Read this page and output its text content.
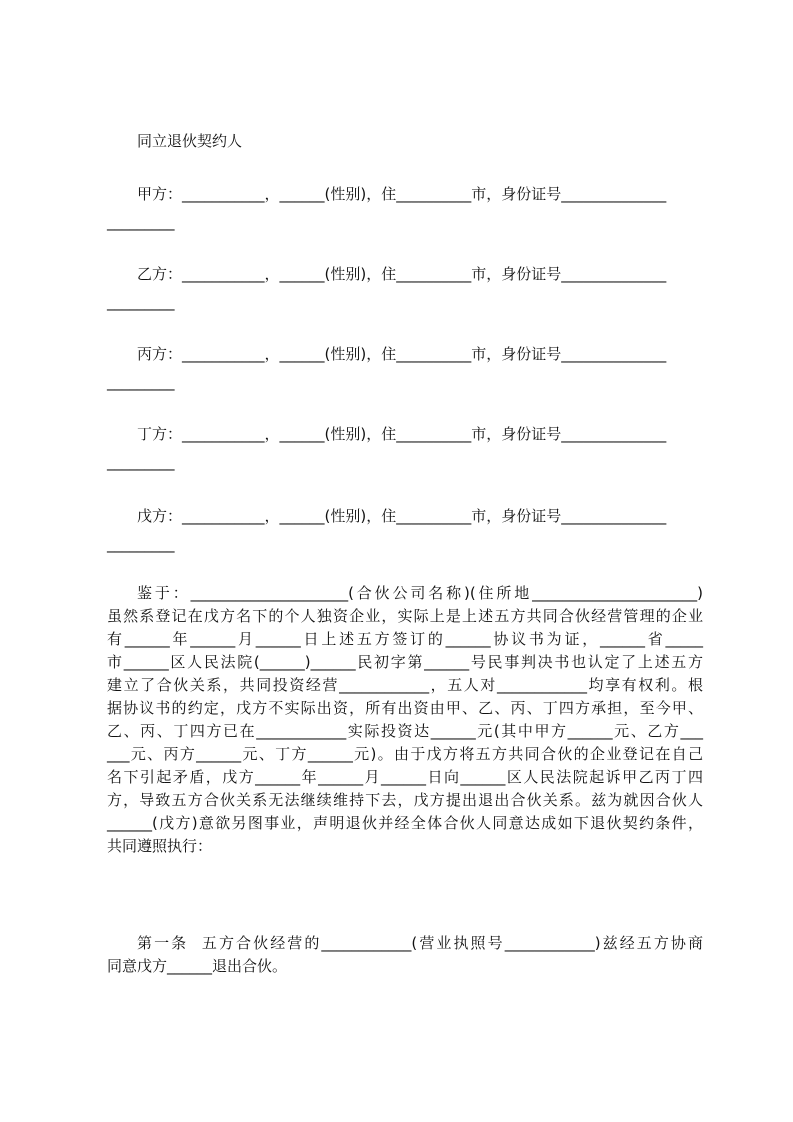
同立退伙契约人
甲方：___________，______(性别)，住__________市，身份证号______________
_________
乙方：___________，______(性别)，住__________市，身份证号______________
_________
丙方：___________，______(性别)，住__________市，身份证号______________
_________
丁方：___________，______(性别)，住__________市，身份证号______________
_________
戊方：___________，______(性别)，住__________市，身份证号______________
_________
鉴于：_____________________(合伙公司名称)(住所地______________________)
虽然系登记在戊方名下的个人独资企业，实际上是上述五方共同合伙经营管理的企业
有______年______月______日上述五方签订的______协议书为证，______省_____
市______区人民法院(______)______民初字第______号民事判决书也认定了上述五方
建立了合伙关系，共同投资经营____________，五人对____________均享有权利。根
据协议书的约定，戊方不实际出资，所有出资由甲、乙、丙、丁四方承担，至今甲、
乙、丙、丁四方已在____________实际投资达______元(其中甲方______元、乙方___
___元、丙方______元、丁方______元)。由于戊方将五方共同合伙的企业登记在自己
名下引起矛盾，戊方______年______月______日向______区人民法院起诉甲乙丙丁四
方，导致五方合伙关系无法继续维持下去，戊方提出退出合伙关系。兹为就因合伙人
______(戊方)意欲另图事业，声明退伙并经全体合伙人同意达成如下退伙契约条件，
共同遵照执行：
第一条  五方合伙经营的____________(营业执照号____________)兹经五方协商
同意戊方______退出合伙。
